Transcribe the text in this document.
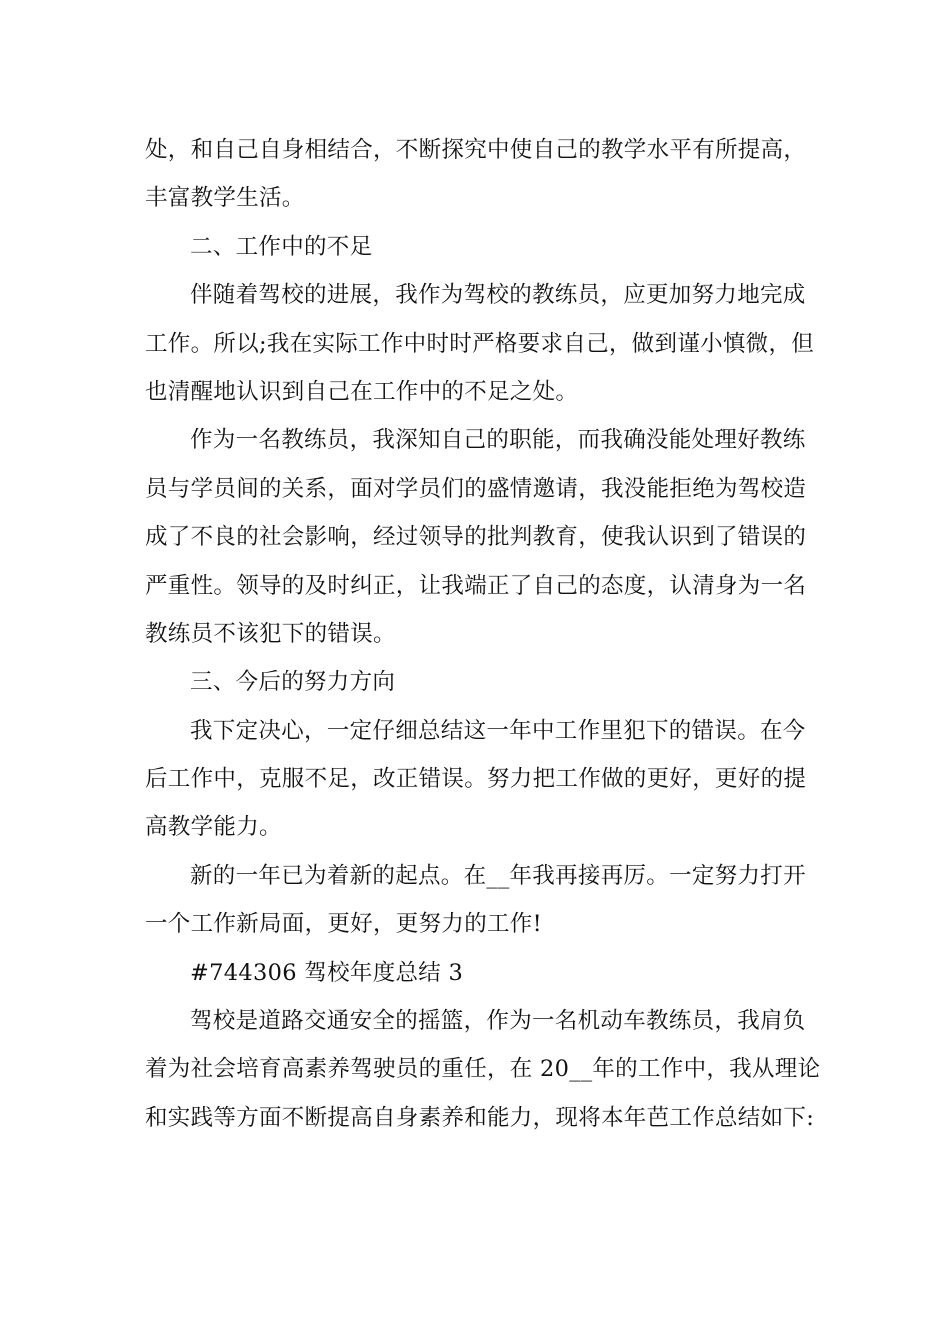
处，和自己自身相结合，不断探究中使自己的教学水平有所提高，
丰富教学生活。
二、工作中的不足
伴随着驾校的进展，我作为驾校的教练员，应更加努力地完成
工作。所以;我在实际工作中时时严格要求自己，做到谨小慎微，但
也清醒地认识到自己在工作中的不足之处。
作为一名教练员，我深知自己的职能，而我确没能处理好教练
员与学员间的关系，面对学员们的盛情邀请，我没能拒绝为驾校造
成了不良的社会影响，经过领导的批判教育，使我认识到了错误的
严重性。领导的及时纠正，让我端正了自己的态度，认清身为一名
教练员不该犯下的错误。
三、今后的努力方向
我下定决心，一定仔细总结这一年中工作里犯下的错误。在今
后工作中，克服不足，改正错误。努力把工作做的更好，更好的提
高教学能力。
新的一年已为着新的起点。在__年我再接再厉。一定努力打开
一个工作新局面，更好，更努力的工作!
#744306 驾校年度总结 3
驾校是道路交通安全的摇篮，作为一名机动车教练员，我肩负
着为社会培育高素养驾驶员的重任，在 20__年的工作中，我从理论
和实践等方面不断提高自身素养和能力，现将本年芭工作总结如下:
